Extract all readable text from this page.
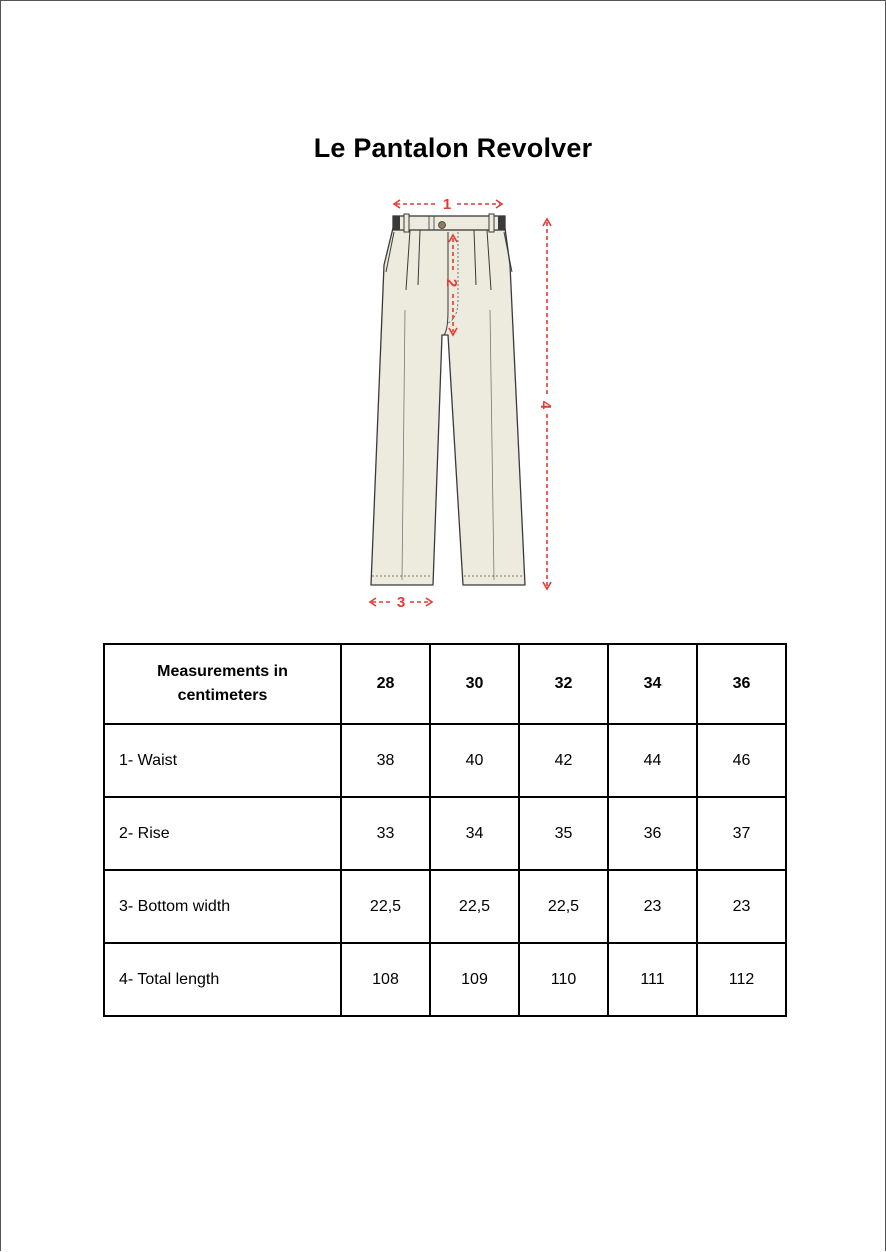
Le Pantalon Revolver
1
2
3
4
Measurements in
centimeters	28	30	32	34	36
1- Waist	38	40	42	44	46
2- Rise	33	34	35	36	37
3- Bottom width	22,5	22,5	22,5	23	23
4- Total length	108	109	110	111	112
